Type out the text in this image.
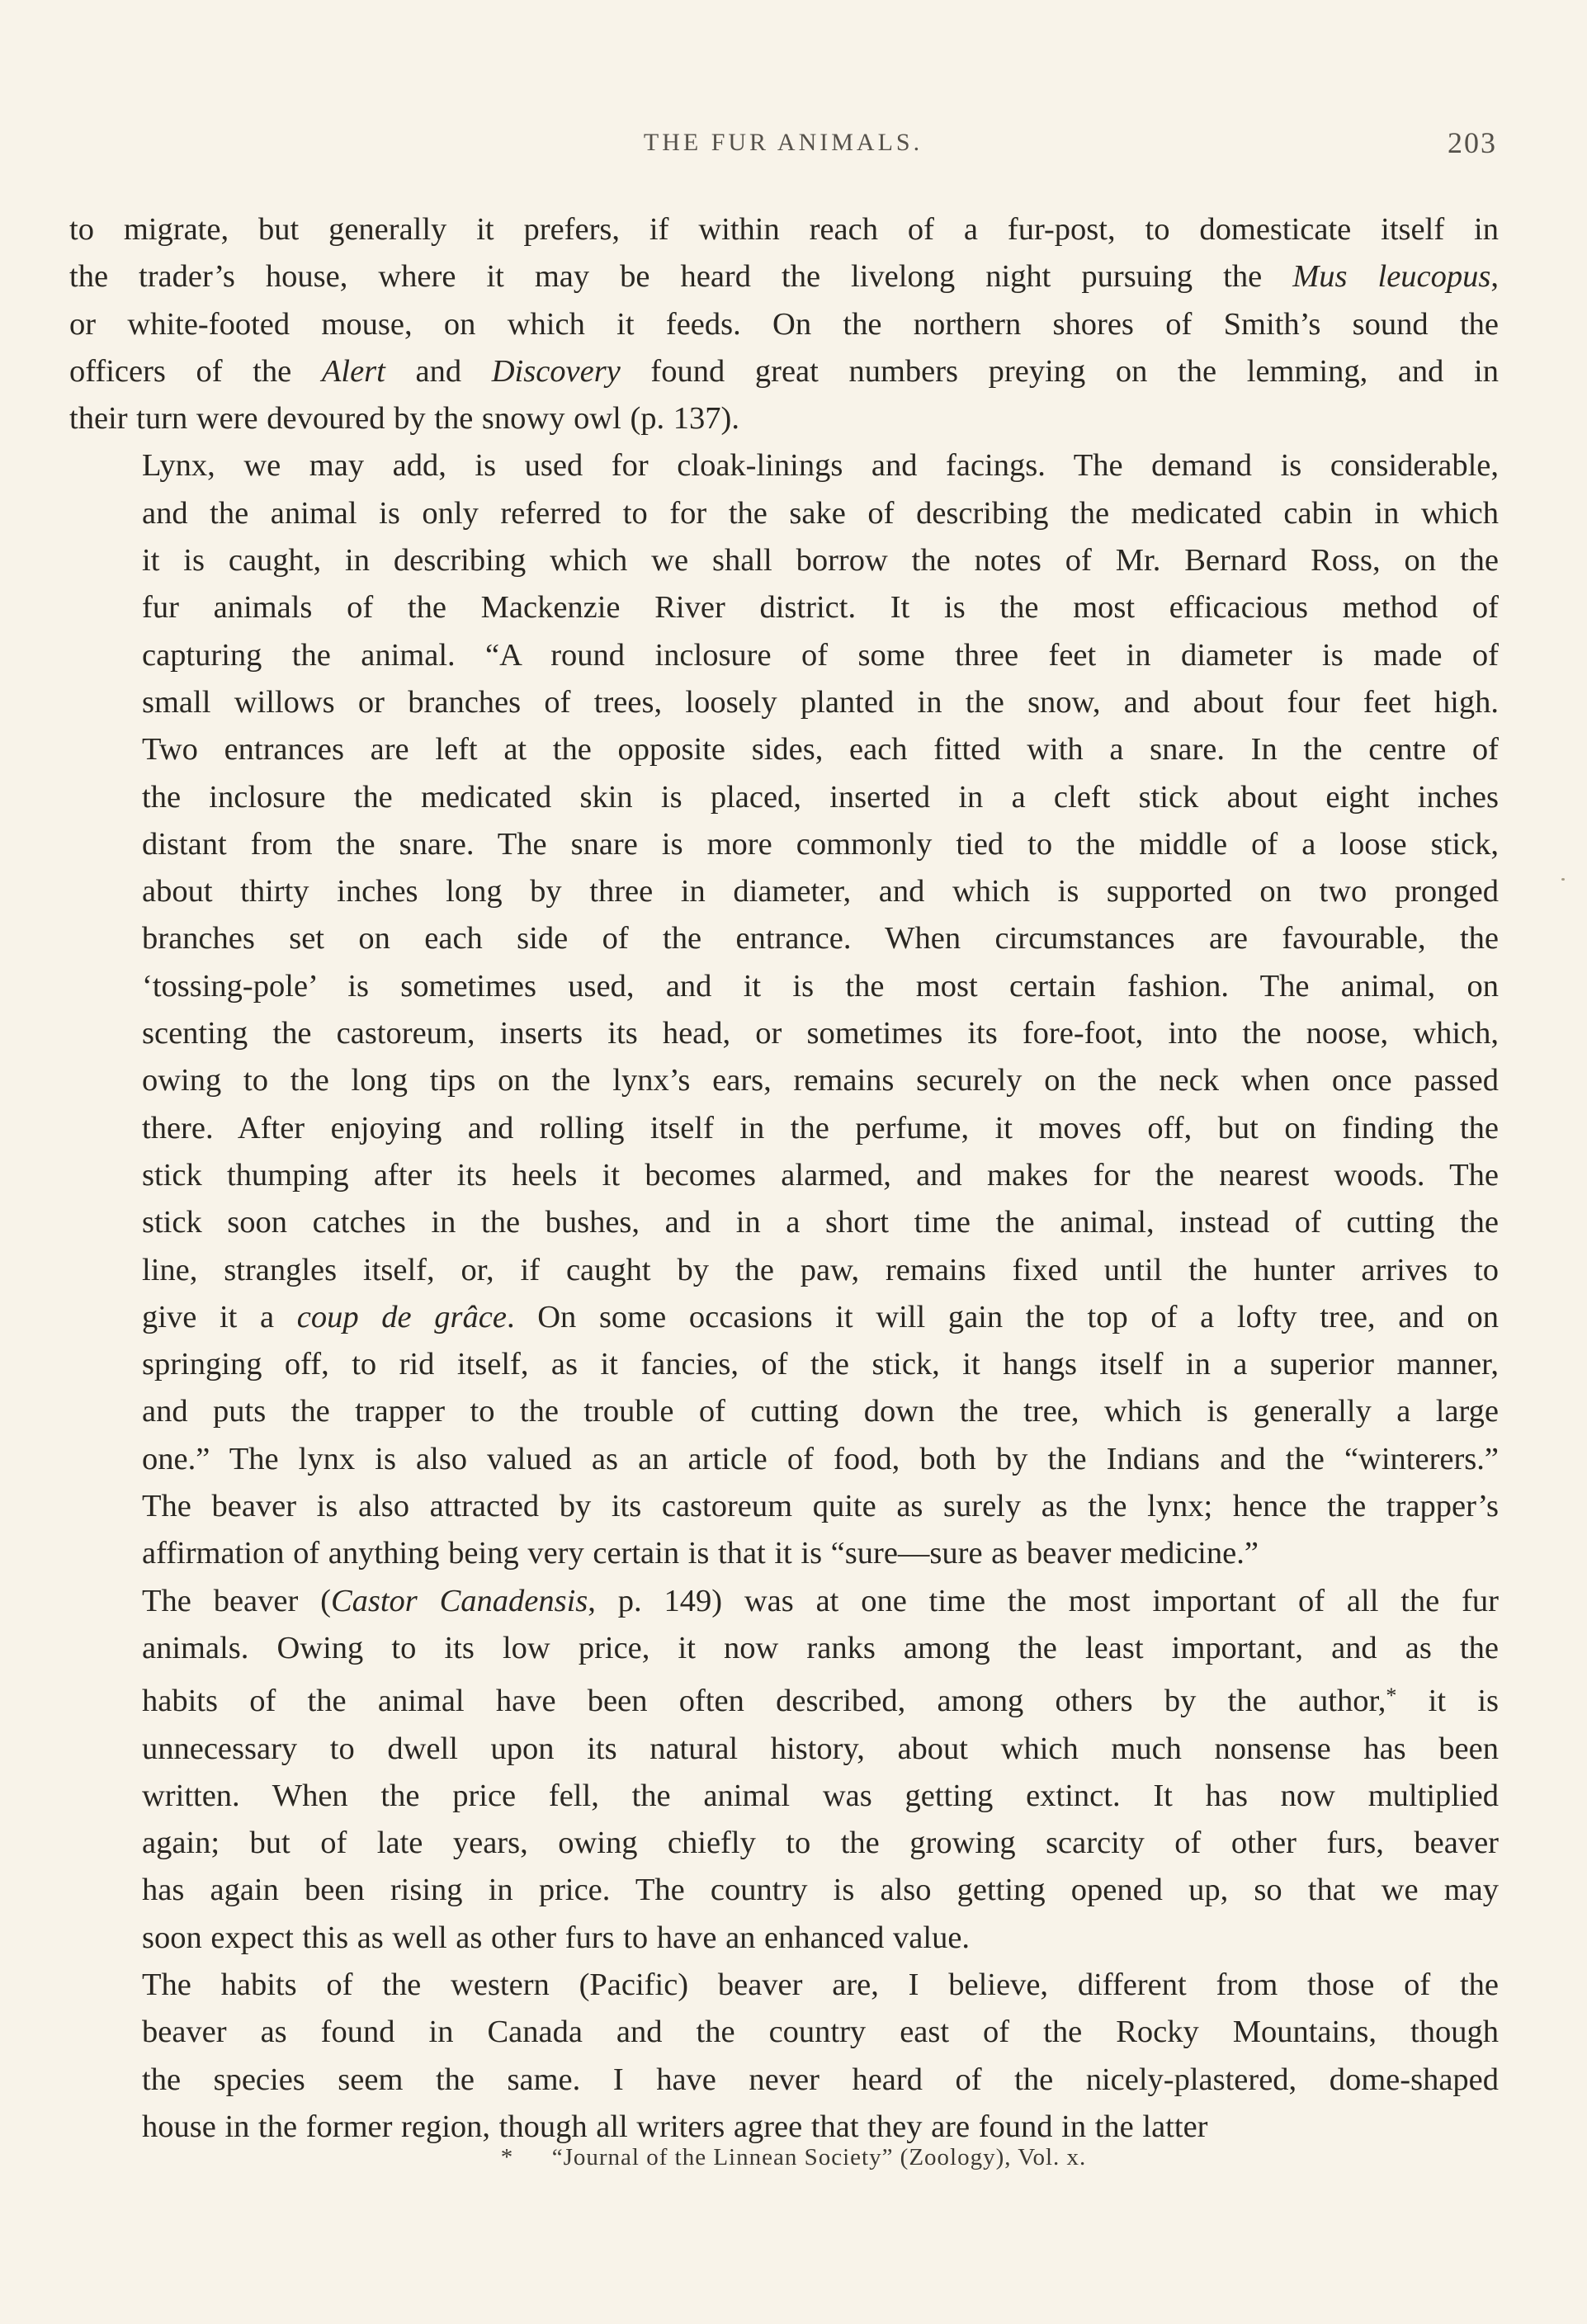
THE FUR ANIMALS.	203
to migrate, but generally it prefers, if within reach of a fur-post, to domesticate itself in
the trader’s house, where it may be heard the livelong night pursuing the Mus leucopus,
or white-footed mouse, on which it feeds. On the northern shores of Smith’s sound the
officers of the Alert and Discovery found great numbers preying on the lemming, and in
their turn were devoured by the snowy owl (p. 137).
Lynx, we may add, is used for cloak-linings and facings. The demand is considerable,
and the animal is only referred to for the sake of describing the medicated cabin in which
it is caught, in describing which we shall borrow the notes of Mr. Bernard Ross, on the
fur animals of the Mackenzie River district. It is the most efficacious method of
capturing the animal. “A round inclosure of some three feet in diameter is made of
small willows or branches of trees, loosely planted in the snow, and about four feet high.
Two entrances are left at the opposite sides, each fitted with a snare. In the centre of
the inclosure the medicated skin is placed, inserted in a cleft stick about eight inches
distant from the snare. The snare is more commonly tied to the middle of a loose stick,
about thirty inches long by three in diameter, and which is supported on two pronged
branches set on each side of the entrance. When circumstances are favourable, the
‘tossing-pole’ is sometimes used, and it is the most certain fashion. The animal, on
scenting the castoreum, inserts its head, or sometimes its fore-foot, into the noose, which,
owing to the long tips on the lynx’s ears, remains securely on the neck when once passed
there. After enjoying and rolling itself in the perfume, it moves off, but on finding the
stick thumping after its heels it becomes alarmed, and makes for the nearest woods. The
stick soon catches in the bushes, and in a short time the animal, instead of cutting the
line, strangles itself, or, if caught by the paw, remains fixed until the hunter arrives to
give it a coup de grâce. On some occasions it will gain the top of a lofty tree, and on
springing off, to rid itself, as it fancies, of the stick, it hangs itself in a superior manner,
and puts the trapper to the trouble of cutting down the tree, which is generally a large
one.” The lynx is also valued as an article of food, both by the Indians and the “winterers.”
The beaver is also attracted by its castoreum quite as surely as the lynx; hence the trapper’s
affirmation of anything being very certain is that it is “sure—sure as beaver medicine.”
The beaver (Castor Canadensis, p. 149) was at one time the most important of all the fur
animals. Owing to its low price, it now ranks among the least important, and as the
habits of the animal have been often described, among others by the author,* it is
unnecessary to dwell upon its natural history, about which much nonsense has been
written. When the price fell, the animal was getting extinct. It has now multiplied
again; but of late years, owing chiefly to the growing scarcity of other furs, beaver
has again been rising in price. The country is also getting opened up, so that we may
soon expect this as well as other furs to have an enhanced value.
The habits of the western (Pacific) beaver are, I believe, different from those of the
beaver as found in Canada and the country east of the Rocky Mountains, though
the species seem the same. I have never heard of the nicely-plastered, dome-shaped
house in the former region, though all writers agree that they are found in the latter
*   “Journal of the Linnean Society” (Zoology), Vol. x.
